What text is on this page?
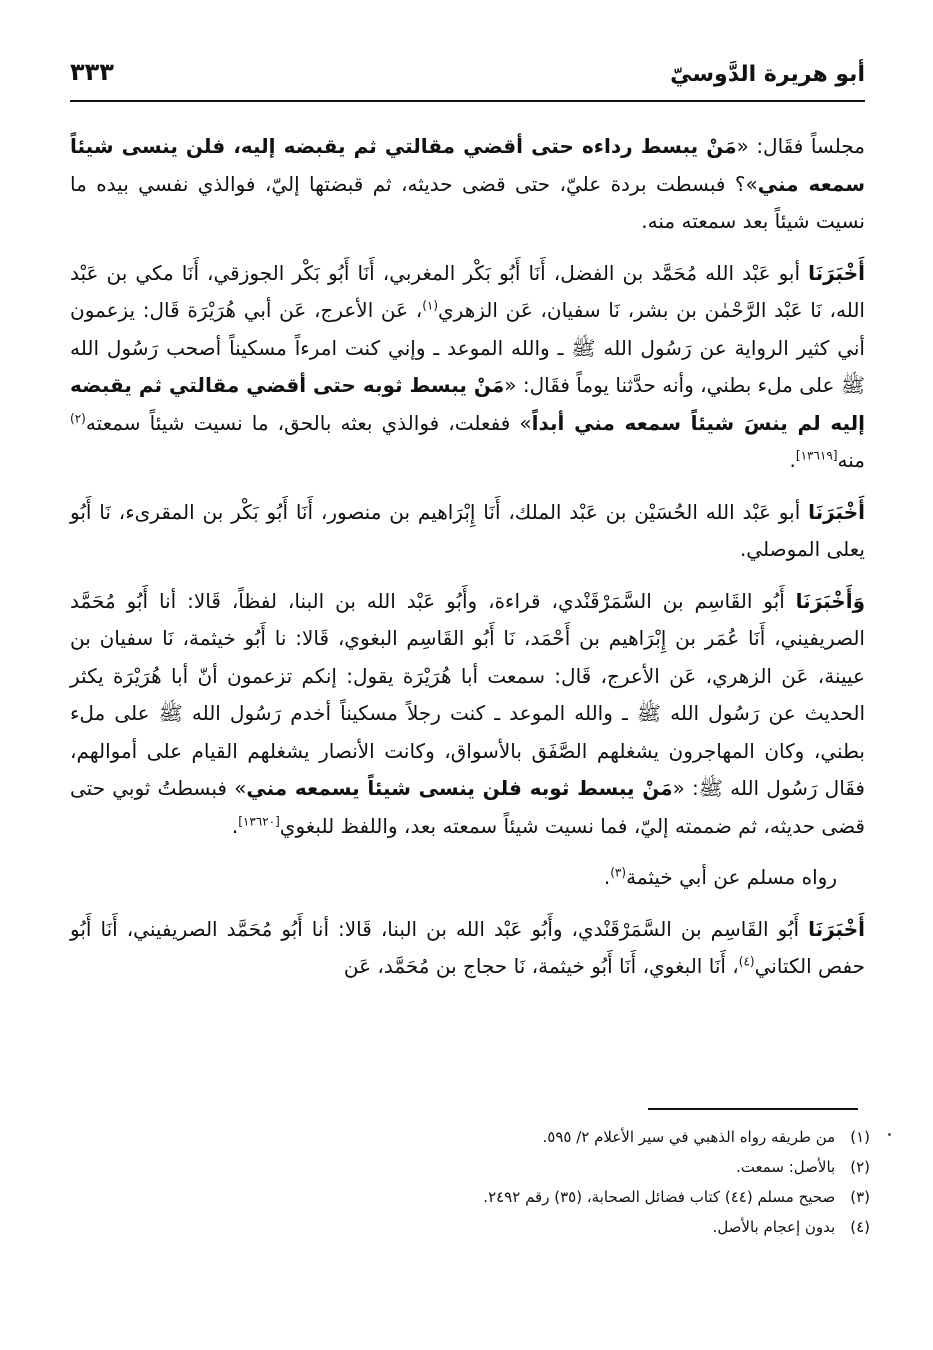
٣٣٣	أبو هريرة الدَّوسيّ

مجلساً فقَال: «مَنْ يبسط رداءه حتى أقضي مقالتي ثم يقبضه إليه، فلن ينسى شيئاً سمعه مني»؟ فبسطت بردة عليّ، حتى قضى حديثه، ثم قبضتها إليّ، فوالذي نفسي بيده ما نسيت شيئاً بعد سمعته منه.

أَخْبَرَنَا أبو عَبْد الله مُحَمَّد بن الفضل، أَنَا أَبُو بَكْر المغربي، أَنَا أَبُو بَكْر الجوزقي، أَنَا مكي بن عَبْد الله، نَا عَبْد الرَّحْمٰن بن بشر، نَا سفيان، عَن الزهري$^{(١)}$، عَن الأعرج، عَن أبي هُرَيْرَة قَال: يزعمون أني كثير الرواية عن رَسُول الله ﷺ ـ والله الموعد ـ وإني كنت امرءاً مسكيناً أصحب رَسُول الله ﷺ على ملء بطني، وأنه حدَّثنا يوماً فقَال: «مَنْ يبسط ثوبه حتى أقضي مقالتي ثم يقبضه إليه لم ينسَ شيئاً سمعه مني أبداً» ففعلت، فوالذي بعثه بالحق، ما نسيت شيئاً سمعته$^{(٢)}$ منه[١٣٦١٩].

أَخْبَرَنَا أبو عَبْد الله الحُسَيْن بن عَبْد الملك، أَنَا إِبْرَاهيم بن منصور، أَنَا أَبُو بَكْر بن المقرىء، نَا أَبُو يعلى الموصلي.

وَأَخْبَرَنَا أَبُو القَاسِم بن السَّمَرْقَنْدي، قراءة، وأَبُو عَبْد الله بن البنا، لفظاً، قَالا: أنا أَبُو مُحَمَّد الصريفيني، أَنَا عُمَر بن إِبْرَاهيم بن أَحْمَد، نَا أَبُو القَاسِم البغوي، قَالا: نا أَبُو خيثمة، نَا سفيان بن عيينة، عَن الزهري، عَن الأعرج، قَال: سمعت أبا هُرَيْرَة يقول: إنكم تزعمون أنّ أبا هُرَيْرَة يكثر الحديث عن رَسُول الله ﷺ ـ والله الموعد ـ كنت رجلاً مسكيناً أخدم رَسُول الله ﷺ على ملء بطني، وكان المهاجرون يشغلهم الصَّفَق بالأسواق، وكانت الأنصار يشغلهم القيام على أموالهم، فقَال رَسُول الله ﷺ: «مَنْ يبسط ثوبه فلن ينسى شيئاً يسمعه مني» فبسطتُ ثوبي حتى قضى حديثه، ثم ضممته إليّ، فما نسيت شيئاً سمعته بعد، واللفظ للبغوي[١٣٦٢٠].

رواه مسلم عن أبي خيثمة$^{(٣)}$.

أَخْبَرَنَا أَبُو القَاسِم بن السَّمَرْقَنْدي، وأَبُو عَبْد الله بن البنا، قَالا: أنا أَبُو مُحَمَّد الصريفيني، أَنَا أَبُو حفص الكتاني$^{(٤)}$، أَنَا البغوي، أَنَا أَبُو خيثمة، نَا حجاج بن مُحَمَّد، عَن

(١) من طريقه رواه الذهبي في سير الأعلام ٢/ ٥٩٥.

(٢) بالأصل: سمعت.

(٣) صحيح مسلم (٤٤) كتاب فضائل الصحابة، (٣٥) رقم ٢٤٩٢.

(٤) بدون إعجام بالأصل.
